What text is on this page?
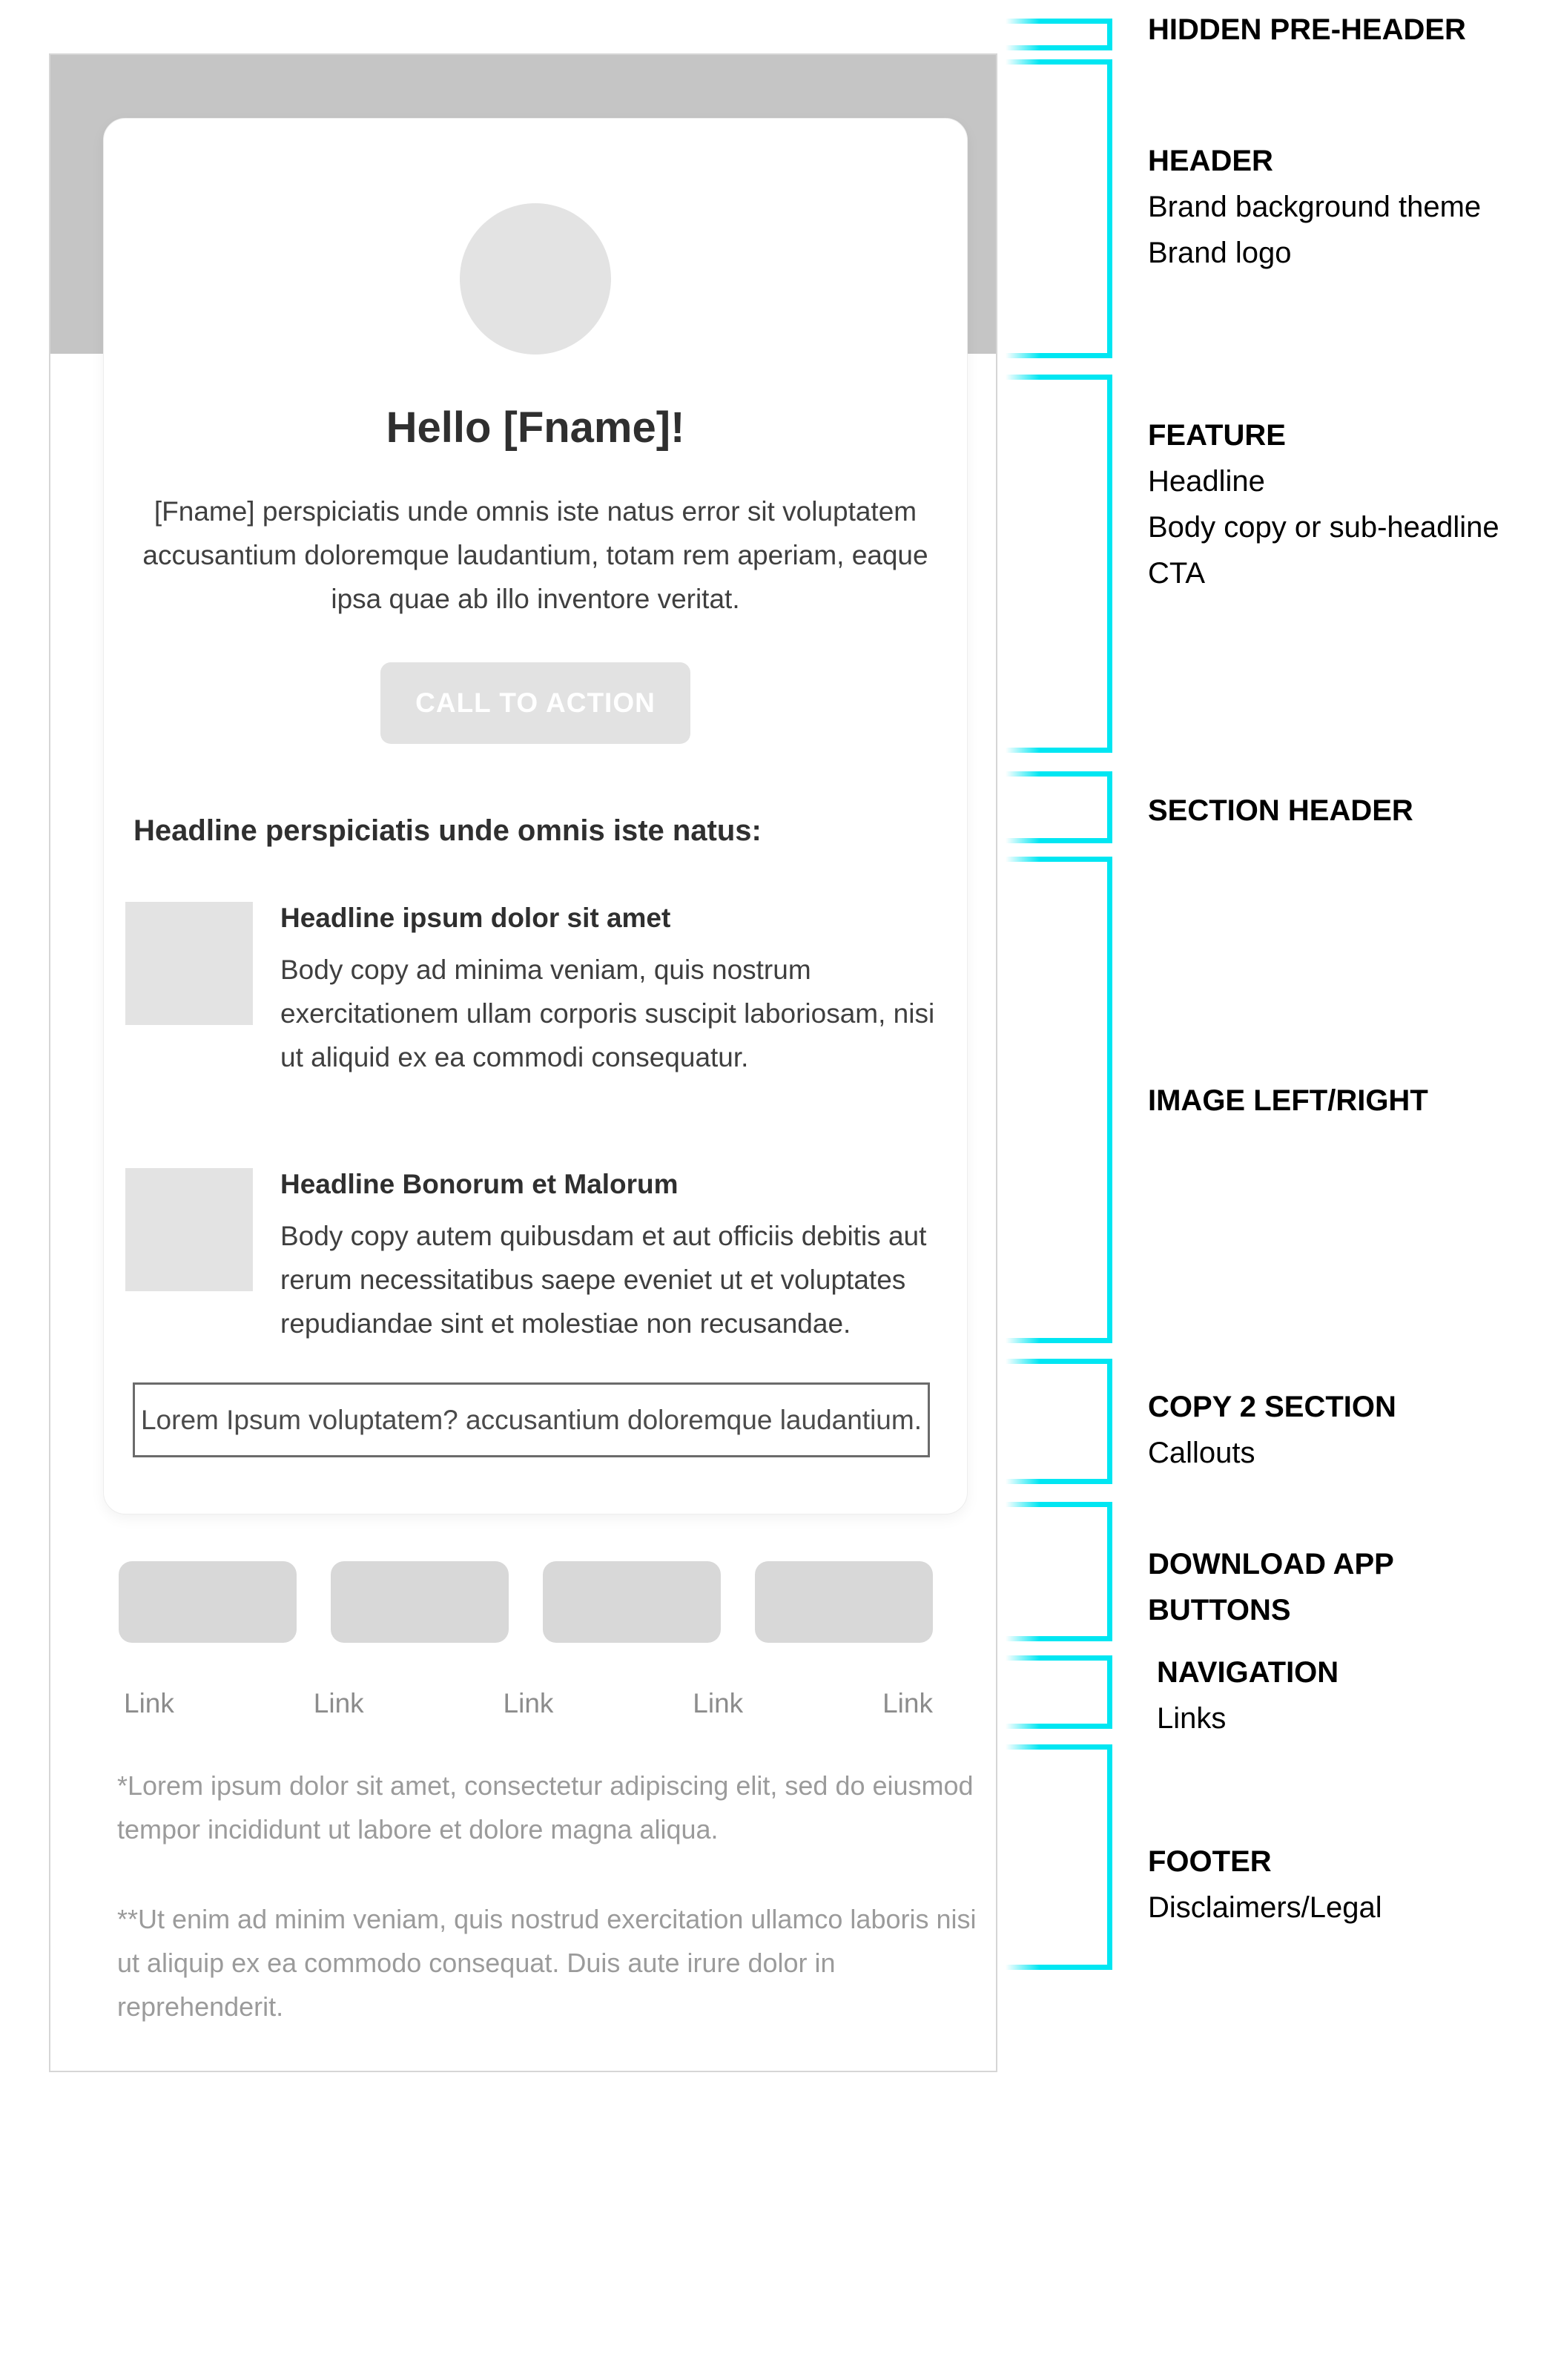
Hello [Fname]!

[Fname] perspiciatis unde omnis iste natus error sit voluptatem accusantium doloremque laudantium, totam rem aperiam, eaque ipsa quae ab illo inventore veritat.

CALL TO ACTION
Headline perspiciatis unde omnis iste natus:
Headline ipsum dolor sit amet
Body copy ad minima veniam, quis nostrum exercitationem ullam corporis suscipit laboriosam, nisi ut aliquid ex ea commodi consequatur.
Headline Bonorum et Malorum
Body copy autem quibusdam et aut officiis debitis aut rerum necessitatibus saepe eveniet ut et voluptates repudiandae sint et molestiae non recusandae.
Lorem Ipsum voluptatem? accusantium doloremque laudantium.
Link	Link	Link	Link	Link

*Lorem ipsum dolor sit amet, consectetur adipiscing elit, sed do eiusmod tempor incididunt ut labore et dolore magna aliqua.

**Ut enim ad minim veniam, quis nostrud exercitation ullamco laboris nisi ut aliquip ex ea commodo consequat. Duis aute irure dolor in reprehenderit.

HIDDEN PRE-HEADER
HEADER
Brand background theme
Brand logo
FEATURE
Headline
Body copy or sub-headline
CTA
SECTION HEADER
IMAGE LEFT/RIGHT
COPY 2 SECTION
Callouts
DOWNLOAD APP BUTTONS
NAVIGATION
Links
FOOTER
Disclaimers/Legal
